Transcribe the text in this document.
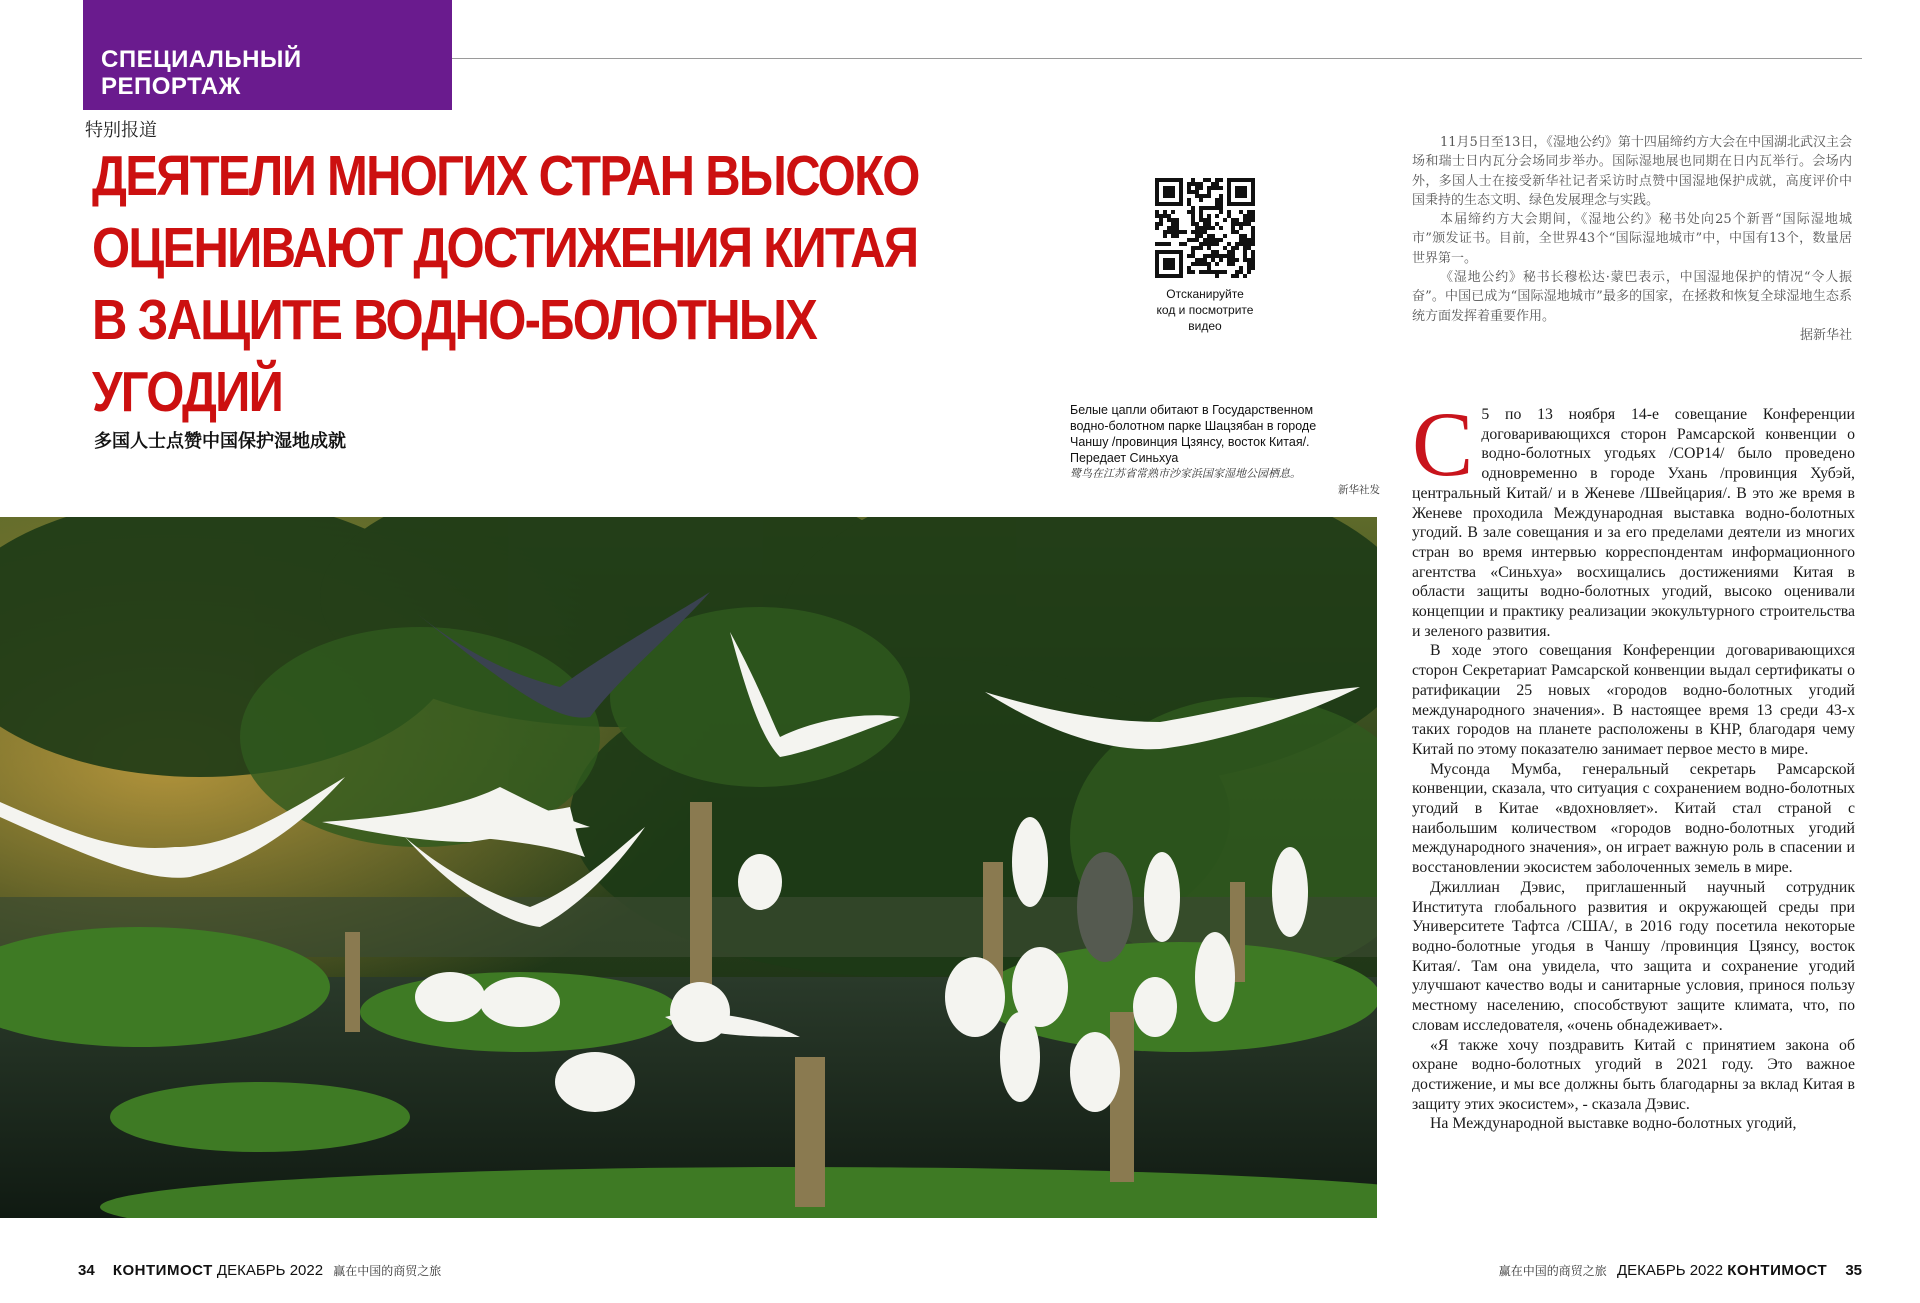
СПЕЦИАЛЬНЫЙ
РЕПОРТАЖ
特别报道
ДЕЯТЕЛИ МНОГИХ СТРАН ВЫСОКО
ОЦЕНИВАЮТ ДОСТИЖЕНИЯ КИТАЯ
В ЗАЩИТЕ ВОДНО-БОЛОТНЫХ
УГОДИЙ
多国人士点赞中国保护湿地成就
Отсканируйте
код и посмотрите
видео
Белые цапли обитают в Государственном
водно-болотном парке Шацзябан в городе
Чаншу /провинция Цзянсу, восток Китая/.
Передает Синьхуа
鹭鸟在江苏省常熟市沙家浜国家湿地公园栖息。
新华社发

11月5日至13日，《湿地公约》第十四届缔约方大会在中国湖北武汉主会场和瑞士日内瓦分会场同步举办。国际湿地展也同期在日内瓦举行。会场内外，多国人士在接受新华社记者采访时点赞中国湿地保护成就，高度评价中国秉持的生态文明、绿色发展理念与实践。

本届缔约方大会期间，《湿地公约》秘书处向25个新晋“国际湿地城市”颁发证书。目前，全世界43个“国际湿地城市”中，中国有13个，数量居世界第一。

《湿地公约》秘书长穆松达·蒙巴表示，中国湿地保护的情况“令人振奋”。中国已成为“国际湿地城市”最多的国家，在拯救和恢复全球湿地生态系统方面发挥着重要作用。

据新华社

С 5 по 13 ноября 14-е совещание Конференции договаривающихся сторон Рамсарской конвенции о водно-болотных угодьях /COP14/ было проведено одновременно в городе Ухань /провинция Хубэй, центральный Китай/ и в Женеве /Швейцария/. В это же время в Женеве проходила Международная выставка водно-болотных угодий. В зале совещания и за его пределами деятели из многих стран во время интервью корреспондентам информационного агентства «Синьхуа» восхищались достижениями Китая в области защиты водно-болотных угодий, высоко оценивали концепции и практику реализации экокультурного строительства и зеленого развития.

В ходе этого совещания Конференции договаривающихся сторон Секретариат Рамсарской конвенции выдал сертификаты о ратификации 25 новых «городов водно-болотных угодий международного значения». В настоящее время 13 среди 43-х таких городов на планете расположены в КНР, благодаря чему Китай по этому показателю занимает первое место в мире.

Мусонда Мумба, генеральный секретарь Рамсарской конвенции, сказала, что ситуация с сохранением водно-болотных угодий в Китае «вдохновляет». Китай стал страной с наибольшим количеством «городов водно-болотных угодий международного значения», он играет важную роль в спасении и восстановлении экосистем заболоченных земель в мире.

Джиллиан Дэвис, приглашенный научный сотрудник Института глобального развития и окружающей среды при Университете Тафтса /США/, в 2016 году посетила некоторые водно-болотные угодья в Чаншу /провинция Цзянсу, восток Китая/. Там она увидела, что защита и сохранение угодий улучшают качество воды и санитарные условия, принося пользу местному населению, способствуют защите климата, что, по словам исследователя, «очень обнадеживает».

«Я также хочу поздравить Китай с принятием закона об охране водно-болотных угодий в 2021 году. Это важное достижение, и мы все должны быть благодарны за вклад Китая в защиту этих экосистем», - сказала Дэвис.

На Международной выставке водно-болотных угодий,

34 КОНТИМОСТ ДЕКАБРЬ 2022 赢在中国的商贸之旅	赢在中国的商贸之旅 ДЕКАБРЬ 2022 КОНТИМОСТ 35
